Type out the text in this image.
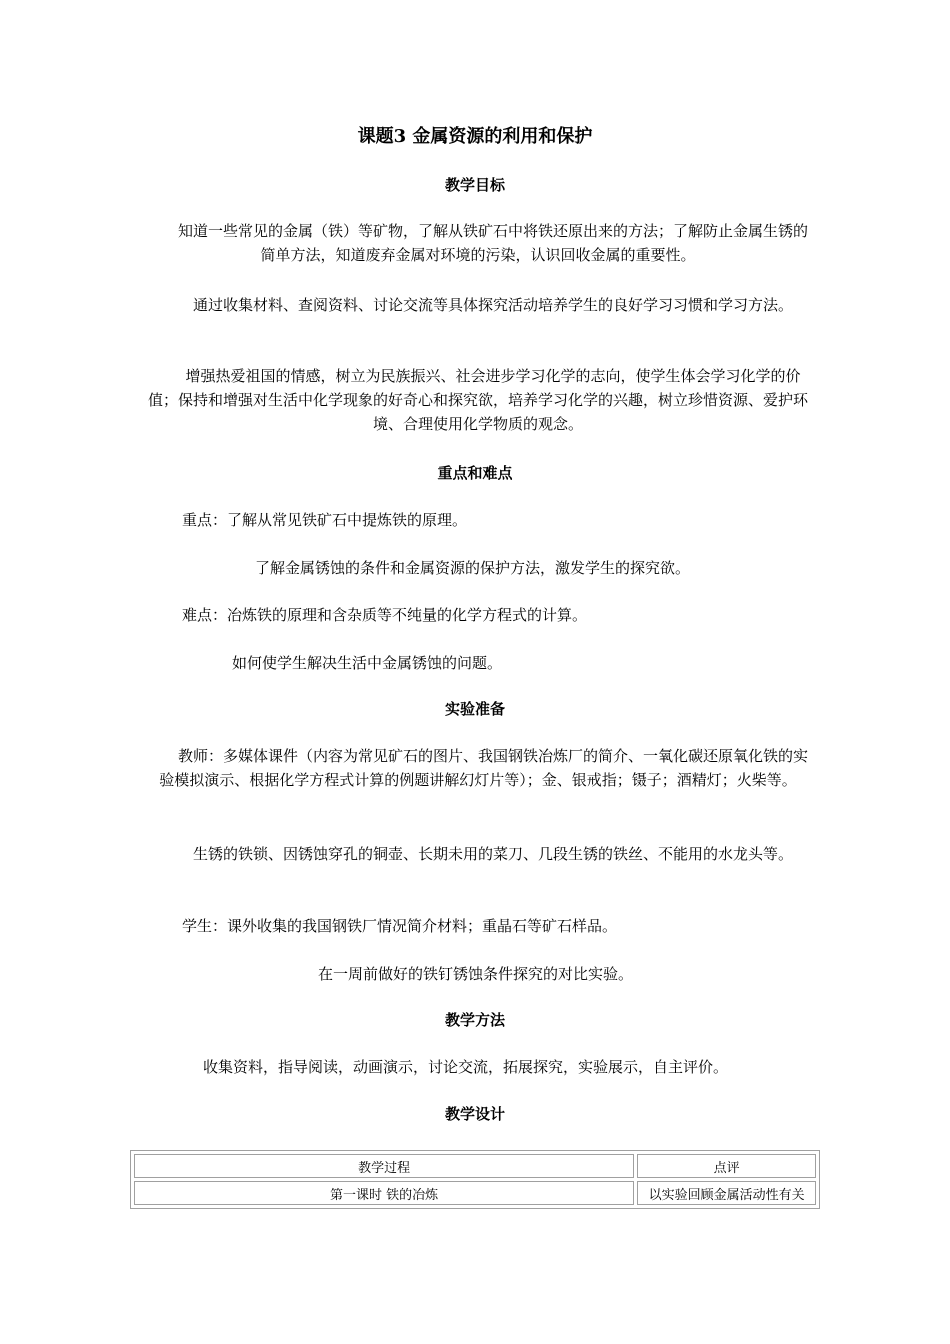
课题3 金属资源的利用和保护
教学目标
知道一些常见的金属（铁）等矿物，了解从铁矿石中将铁还原出来的方法；了解防止金属生锈的简单方法，知道废弃金属对环境的污染，认识回收金属的重要性。
通过收集材料、查阅资料、讨论交流等具体探究活动培养学生的良好学习习惯和学习方法。
增强热爱祖国的情感，树立为民族振兴、社会进步学习化学的志向，使学生体会学习化学的价值；保持和增强对生活中化学现象的好奇心和探究欲，培养学习化学的兴趣，树立珍惜资源、爱护环境、合理使用化学物质的观念。
重点和难点
重点：了解从常见铁矿石中提炼铁的原理。
了解金属锈蚀的条件和金属资源的保护方法，激发学生的探究欲。
难点：冶炼铁的原理和含杂质等不纯量的化学方程式的计算。
如何使学生解决生活中金属锈蚀的问题。
实验准备
教师：多媒体课件（内容为常见矿石的图片、我国钢铁冶炼厂的简介、一氧化碳还原氧化铁的实验模拟演示、根据化学方程式计算的例题讲解幻灯片等）；金、银戒指；镊子；酒精灯；火柴等。
生锈的铁锁、因锈蚀穿孔的铜壶、长期未用的菜刀、几段生锈的铁丝、不能用的水龙头等。
学生：课外收集的我国钢铁厂情况简介材料；重晶石等矿石样品。
在一周前做好的铁钉锈蚀条件探究的对比实验。
教学方法
收集资料，指导阅读，动画演示，讨论交流，拓展探究，实验展示，自主评价。
教学设计
教学过程	点评
第一课时 铁的冶炼	以实验回顾金属活动性有关
